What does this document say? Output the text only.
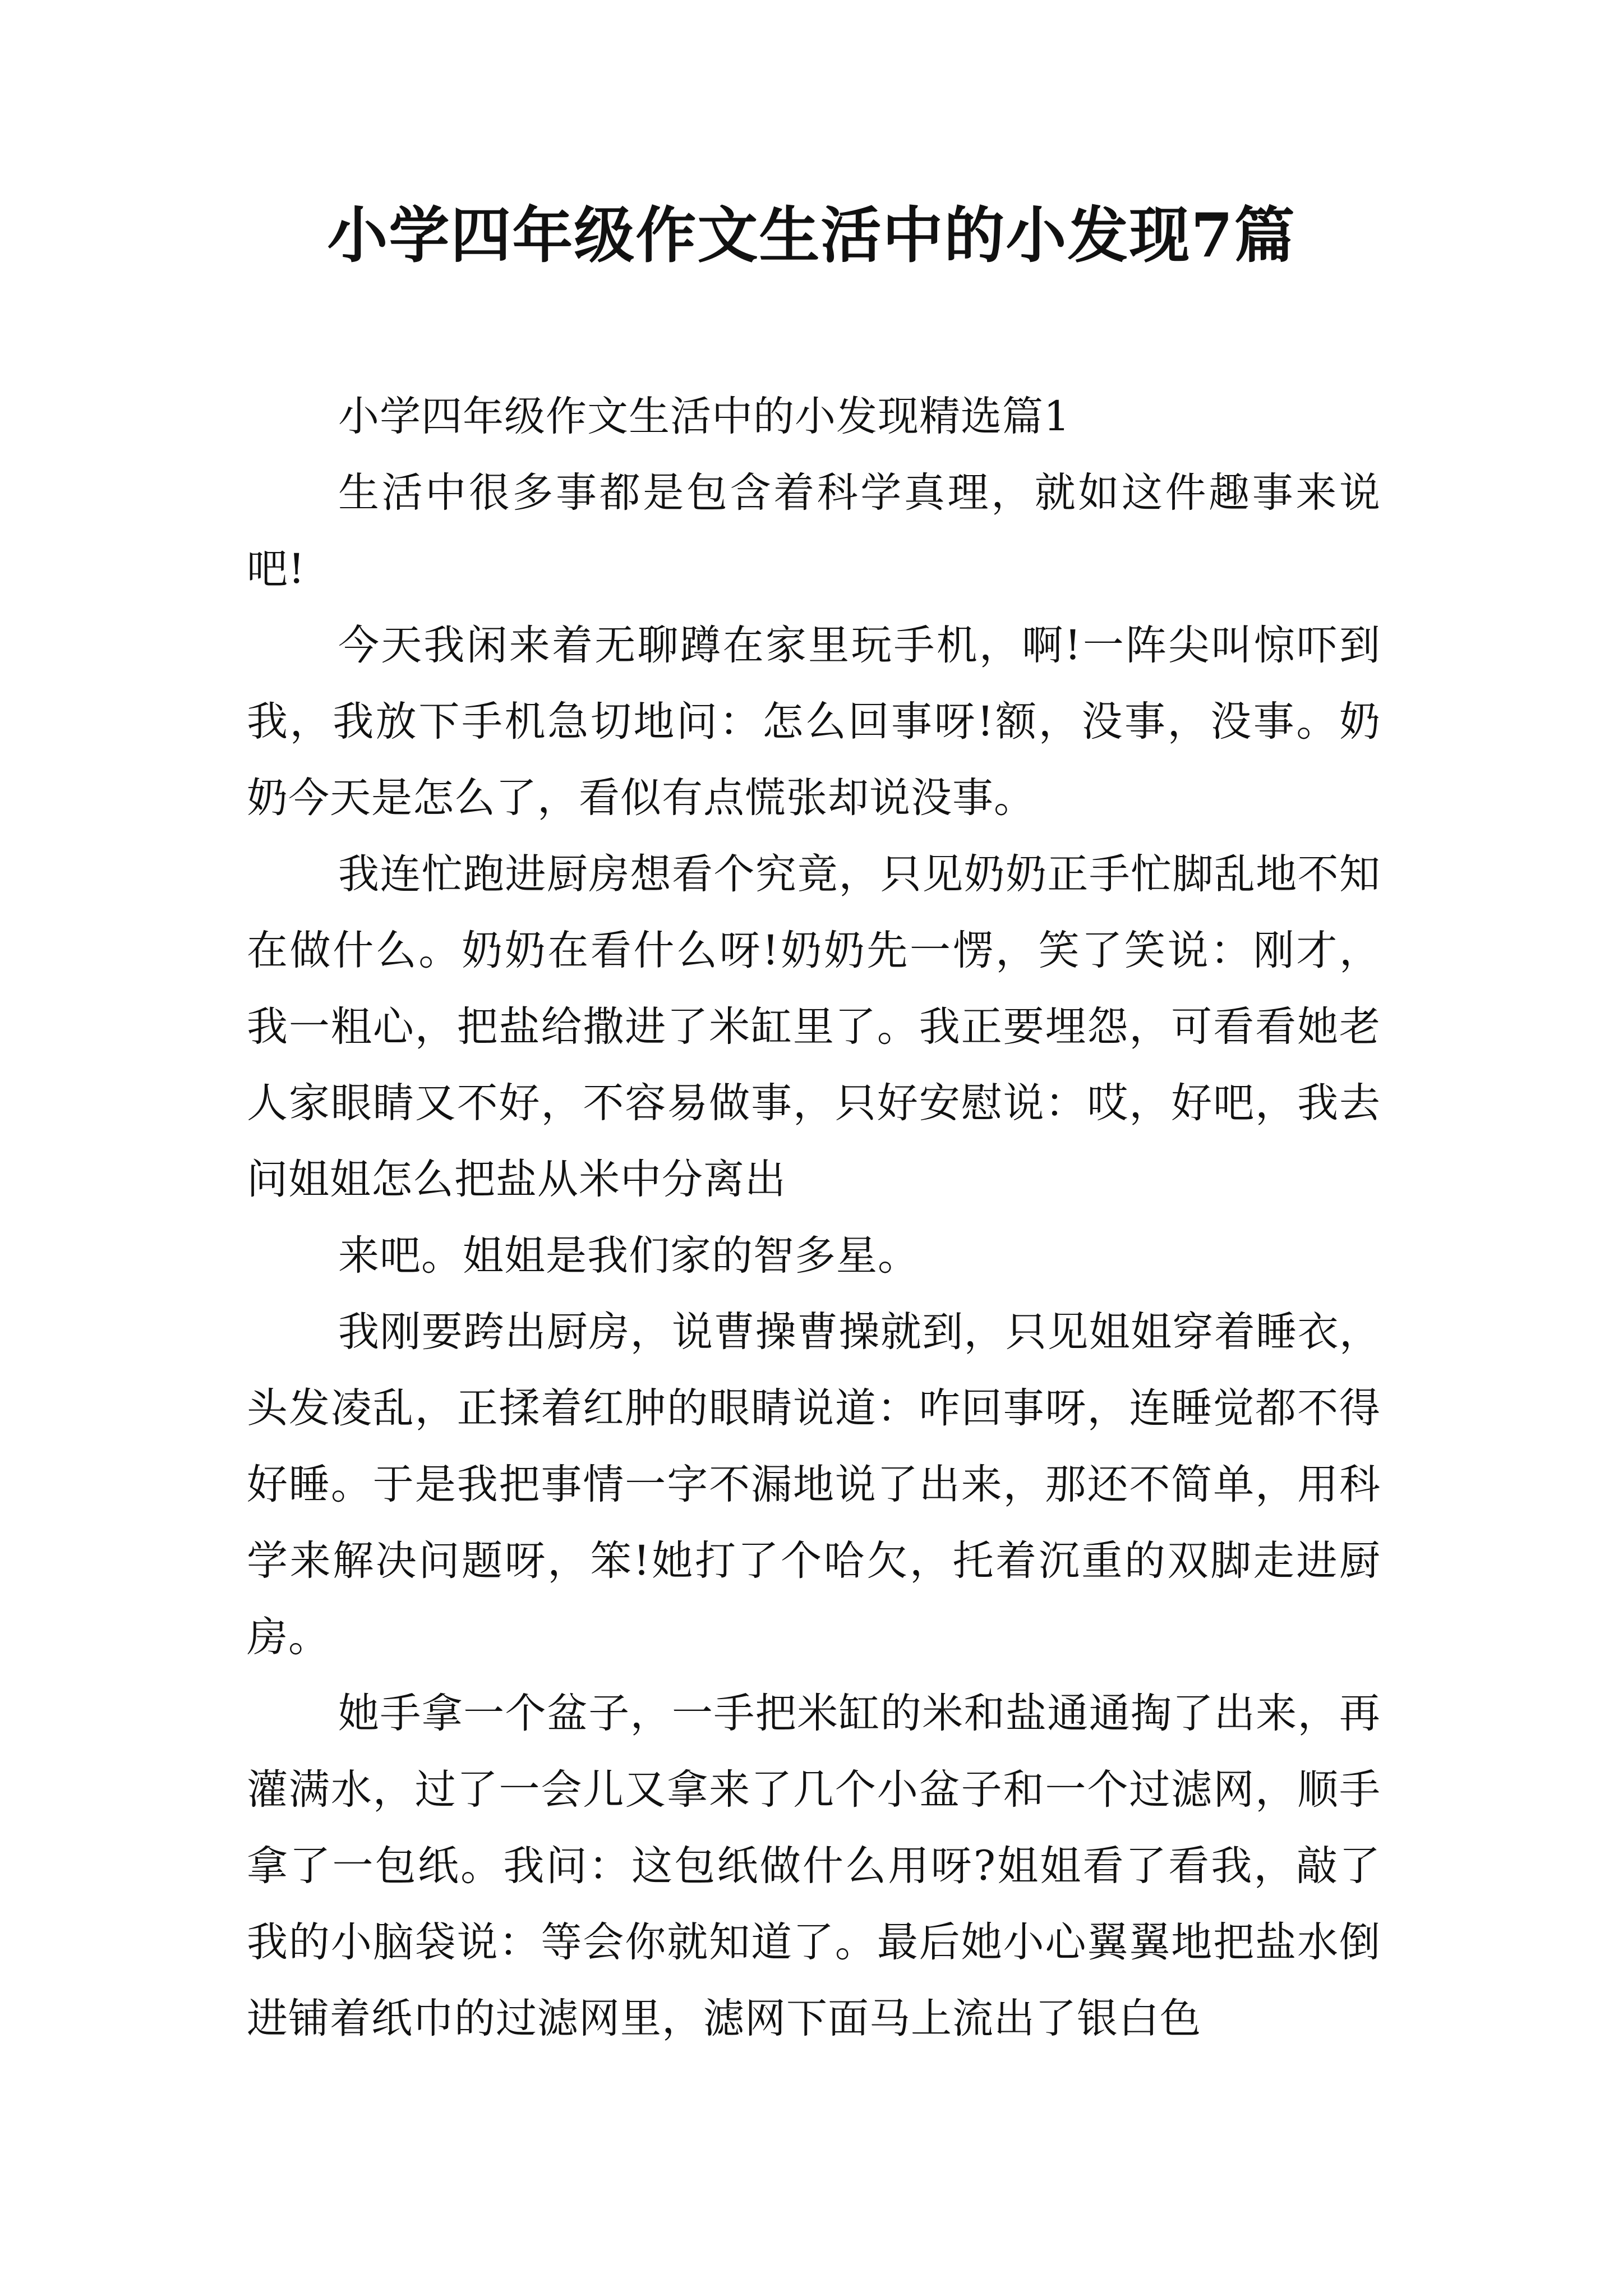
小学四年级作文生活中的小发现7篇

小学四年级作文生活中的小发现精选篇1

生活中很多事都是包含着科学真理，就如这件趣事来说吧!

今天我闲来着无聊蹲在家里玩手机，啊!一阵尖叫惊吓到我，我放下手机急切地问：怎么回事呀!额，没事，没事。奶奶今天是怎么了，看似有点慌张却说没事。

我连忙跑进厨房想看个究竟，只见奶奶正手忙脚乱地不知在做什么。奶奶在看什么呀!奶奶先一愣，笑了笑说：刚才，我一粗心，把盐给撒进了米缸里了。我正要埋怨，可看看她老人家眼睛又不好，不容易做事，只好安慰说：哎，好吧，我去问姐姐怎么把盐从米中分离出

来吧。姐姐是我们家的智多星。

我刚要跨出厨房，说曹操曹操就到，只见姐姐穿着睡衣，头发凌乱，正揉着红肿的眼睛说道：咋回事呀，连睡觉都不得好睡。于是我把事情一字不漏地说了出来，那还不简单，用科学来解决问题呀，笨!她打了个哈欠，托着沉重的双脚走进厨房。

她手拿一个盆子，一手把米缸的米和盐通通掏了出来，再灌满水，过了一会儿又拿来了几个小盆子和一个过滤网，顺手拿了一包纸。我问：这包纸做什么用呀?姐姐看了看我，敲了我的小脑袋说：等会你就知道了。最后她小心翼翼地把盐水倒进铺着纸巾的过滤网里，滤网下面马上流出了银白色
